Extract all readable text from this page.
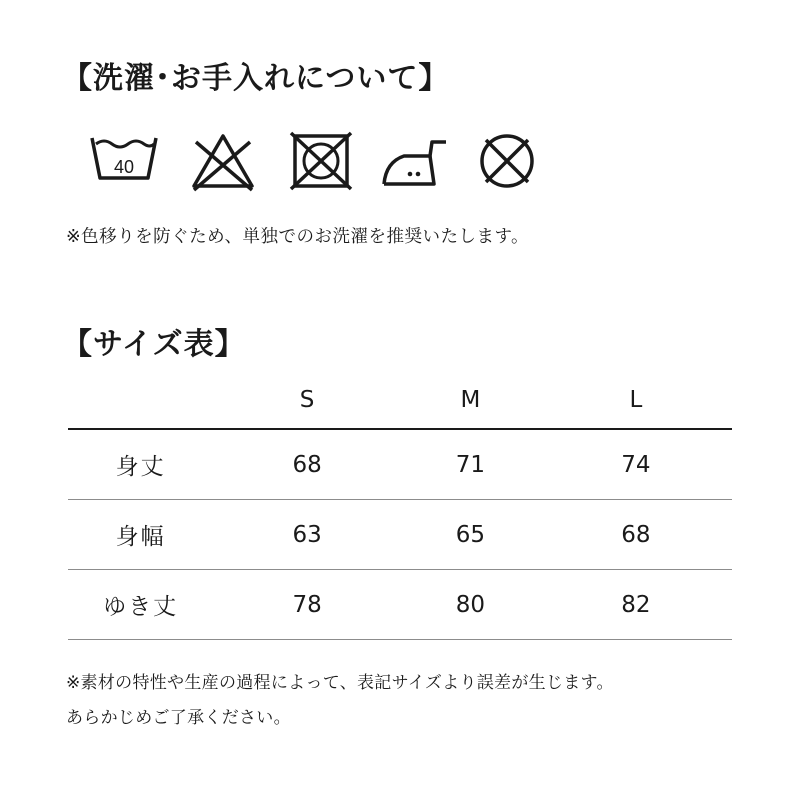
【洗濯･お手入れについて】
40
※色移りを防ぐため、単独でのお洗濯を推奨いたします。
【サイズ表】
	S	M	L
身丈	68	71	74
身幅	63	65	68
ゆき丈	78	80	82
※素材の特性や生産の過程によって、表記サイズより誤差が生じます。
あらかじめご了承ください。
